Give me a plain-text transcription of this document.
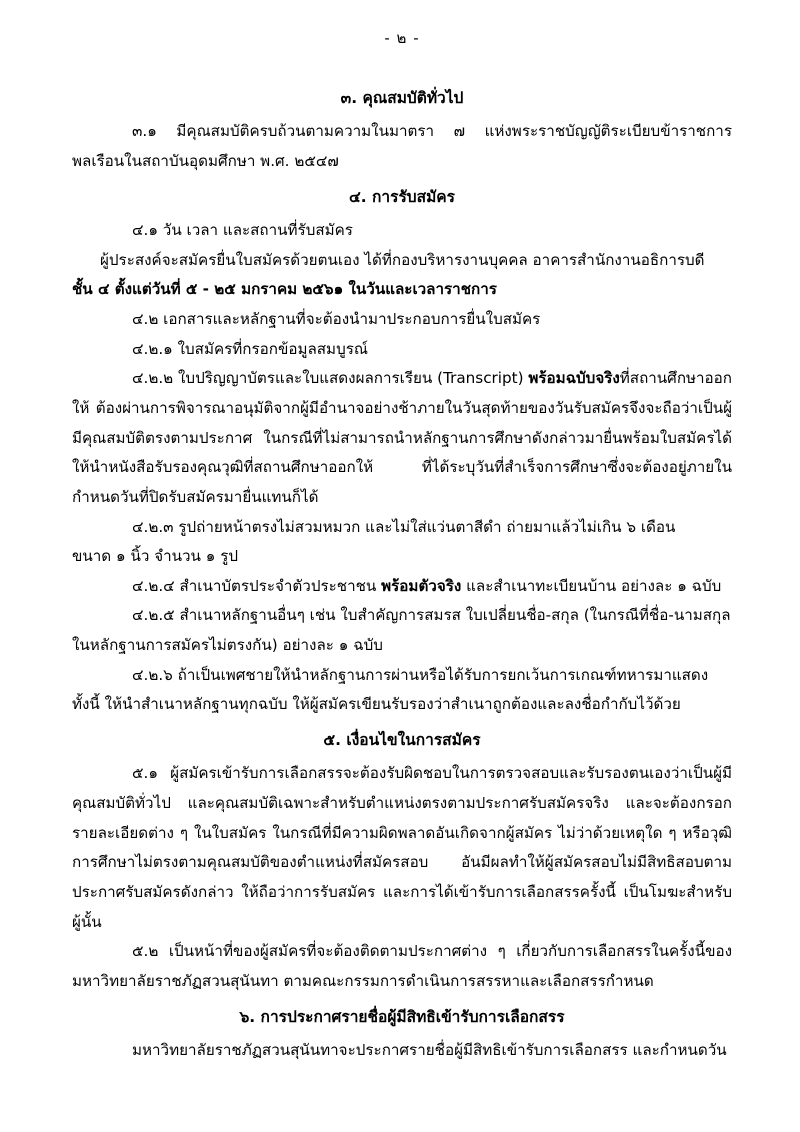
- ๒ -
๓. คุณสมบัติทั่วไป

๓.๑ มีคุณสมบัติครบถ้วนตามความในมาตรา ๗ แห่งพระราชบัญญัติระเบียบข้าราชการพลเรือนในสถาบันอุดมศึกษา พ.ศ. ๒๕๔๗

๔. การรับสมัคร

๔.๑ วัน เวลา และสถานที่รับสมัคร

ผู้ประสงค์จะสมัครยื่นใบสมัครด้วยตนเอง ได้ที่กองบริหารงานบุคคล อาคารสำนักงานอธิการบดี

ชั้น ๔ ตั้งแต่วันที่ ๕ - ๒๕ มกราคม ๒๕๖๑ ในวันและเวลาราชการ

๔.๒ เอกสารและหลักฐานที่จะต้องนำมาประกอบการยื่นใบสมัคร

๔.๒.๑ ใบสมัครที่กรอกข้อมูลสมบูรณ์

๔.๒.๒ ใบปริญญาบัตรและใบแสดงผลการเรียน (Transcript) พร้อมฉบับจริงที่สถานศึกษาออกให้ ต้องผ่านการพิจารณาอนุมัติจากผู้มีอำนาจอย่างช้าภายในวันสุดท้ายของวันรับสมัครจึงจะถือว่าเป็นผู้มีคุณสมบัติตรงตามประกาศ ในกรณีที่ไม่สามารถนำหลักฐานการศึกษาดังกล่าวมายื่นพร้อมใบสมัครได้ ให้นำหนังสือรับรองคุณวุฒิที่สถานศึกษาออกให้ ที่ได้ระบุวันที่สำเร็จการศึกษาซึ่งจะต้องอยู่ภายในกำหนดวันที่ปิดรับสมัครมายื่นแทนก็ได้

๔.๒.๓ รูปถ่ายหน้าตรงไม่สวมหมวก และไม่ใส่แว่นตาสีดำ ถ่ายมาแล้วไม่เกิน ๖ เดือน

ขนาด ๑ นิ้ว จำนวน ๑ รูป

๔.๒.๔ สำเนาบัตรประจำตัวประชาชน พร้อมตัวจริง และสำเนาทะเบียนบ้าน อย่างละ ๑ ฉบับ

๔.๒.๕ สำเนาหลักฐานอื่นๆ เช่น ใบสำคัญการสมรส ใบเปลี่ยนชื่อ-สกุล (ในกรณีที่ชื่อ-นามสกุล

ในหลักฐานการสมัครไม่ตรงกัน) อย่างละ ๑ ฉบับ

๔.๒.๖ ถ้าเป็นเพศชายให้นำหลักฐานการผ่านหรือได้รับการยกเว้นการเกณฑ์ทหารมาแสดง

ทั้งนี้ ให้นำสำเนาหลักฐานทุกฉบับ ให้ผู้สมัครเขียนรับรองว่าสำเนาถูกต้องและลงชื่อกำกับไว้ด้วย

๕. เงื่อนไขในการสมัคร

๕.๑ ผู้สมัครเข้ารับการเลือกสรรจะต้องรับผิดชอบในการตรวจสอบและรับรองตนเองว่าเป็นผู้มีคุณสมบัติทั่วไป และคุณสมบัติเฉพาะสำหรับตำแหน่งตรงตามประกาศรับสมัครจริง และจะต้องกรอกรายละเอียดต่าง ๆ ในใบสมัคร ในกรณีที่มีความผิดพลาดอันเกิดจากผู้สมัคร ไม่ว่าด้วยเหตุใด ๆ หรือวุฒิการศึกษาไม่ตรงตามคุณสมบัติของตำแหน่งที่สมัครสอบ อันมีผลทำให้ผู้สมัครสอบไม่มีสิทธิสอบตามประกาศรับสมัครดังกล่าว ให้ถือว่าการรับสมัคร และการได้เข้ารับการเลือกสรรครั้งนี้ เป็นโมฆะสำหรับผู้นั้น

๕.๒ เป็นหน้าที่ของผู้สมัครที่จะต้องติดตามประกาศต่าง ๆ เกี่ยวกับการเลือกสรรในครั้งนี้ของมหาวิทยาลัยราชภัฏสวนสุนันทา ตามคณะกรรมการดำเนินการสรรหาและเลือกสรรกำหนด

๖. การประกาศรายชื่อผู้มีสิทธิเข้ารับการเลือกสรร

มหาวิทยาลัยราชภัฏสวนสุนันทาจะประกาศรายชื่อผู้มีสิทธิเข้ารับการเลือกสรร และกำหนดวัน
